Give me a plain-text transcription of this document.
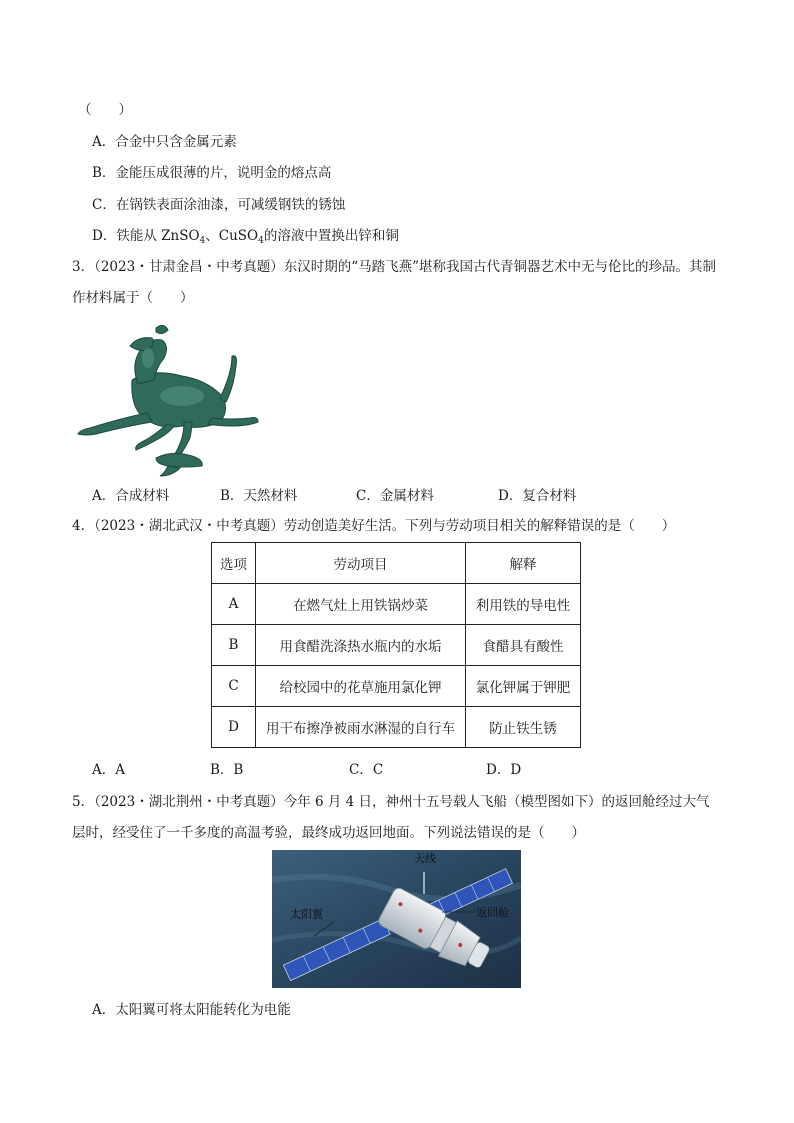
（　　）
A．合金中只含金属元素
B．金能压成很薄的片，说明金的熔点高
C．在锅铁表面涂油漆，可减缓钢铁的锈蚀
D．铁能从 ZnSO$_4$、CuSO$_4$的溶液中置换出锌和铜
3．（2023・甘肃金昌・中考真题）东汉时期的“马踏飞燕”堪称我国古代青铜器艺术中无与伦比的珍品。其制
作材料属于（　　）
A．合成材料	B．天然材料	C．金属材料	D．复合材料
4．（2023・湖北武汉・中考真题）劳动创造美好生活。下列与劳动项目相关的解释错误的是（　　）
选项	劳动项目	解释
A	在燃气灶上用铁锅炒菜	利用铁的导电性
B	用食醋洗涤热水瓶内的水垢	食醋具有酸性
C	给校园中的花草施用氯化钾	氯化钾属于钾肥
D	用干布擦净被雨水淋湿的自行车	防止铁生锈
A．A	B．B	C．C	D．D
5．（2023・湖北荆州・中考真题）今年 6 月 4 日，神州十五号载人飞船（模型图如下）的返回舱经过大气
层时，经受住了一千多度的高温考验，最终成功返回地面。下列说法错误的是（　　）
天线
太阳翼	返回舱
A．太阳翼可将太阳能转化为电能
